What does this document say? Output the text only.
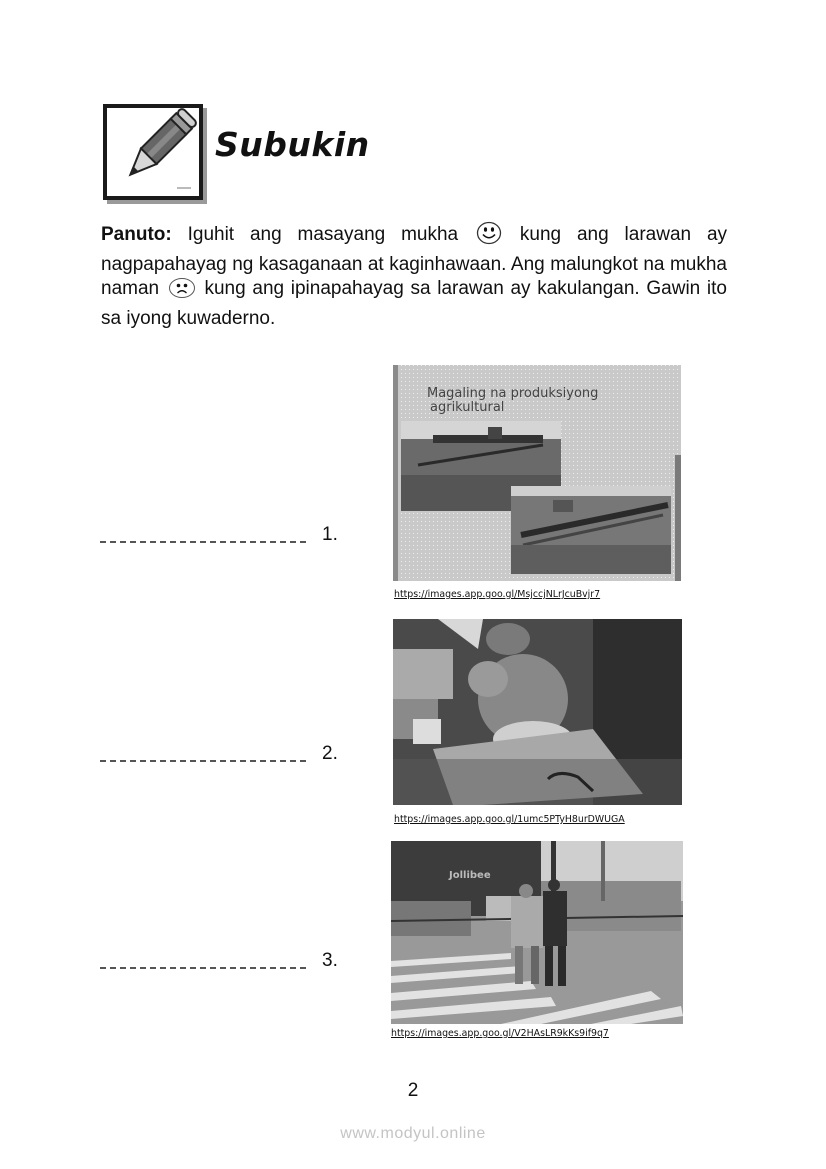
Subukin
Panuto: Iguhit ang masayang mukha	kung ang larawan ay nagpapahayag ng kasaganaan at kaginhawaan. Ang malungkot na mukha naman kung ang ipinapahayag sa larawan ay kakulangan. Gawin ito sa iyong kuwaderno.
1.
Magaling na produksiyong
agrikultural
https://images.app.goo.gl/MsjccjNLrJcuBvjr7
2.
https://images.app.goo.gl/1umc5PTyH8urDWUGA
3.
Jollibee
https://images.app.goo.gl/V2HAsLR9kKs9if9q7
2
www.modyul.online
